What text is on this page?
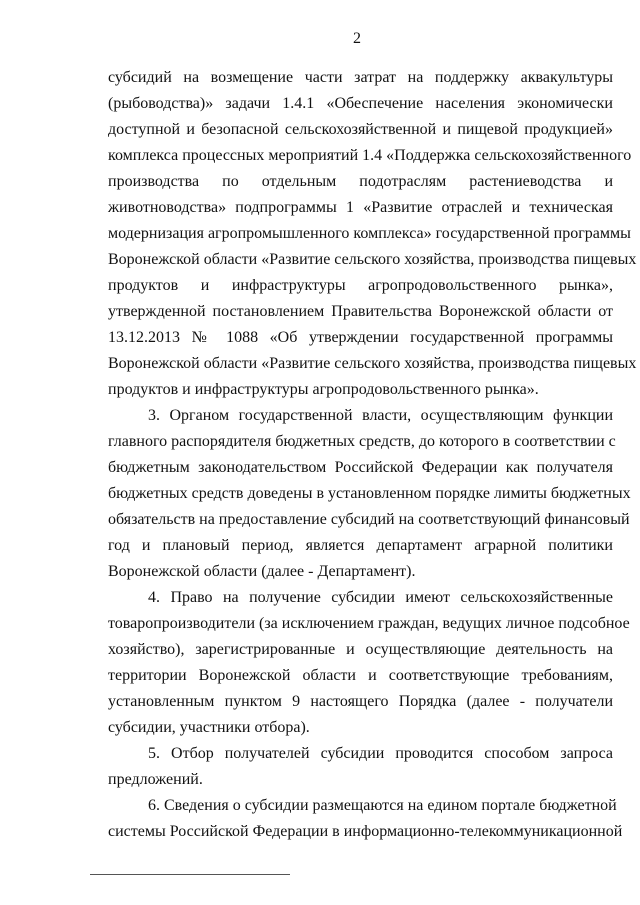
2
субсидий на возмещение части затрат на поддержку аквакультуры
(рыбоводства)» задачи 1.4.1 «Обеспечение населения экономически
доступной и безопасной сельскохозяйственной и пищевой продукцией»
комплекса процессных мероприятий 1.4 «Поддержка сельскохозяйственного
производства по отдельным подотраслям растениеводства и
животноводства» подпрограммы 1 «Развитие отраслей и техническая
модернизация агропромышленного комплекса» государственной программы
Воронежской области «Развитие сельского хозяйства, производства пищевых
продуктов и инфраструктуры агропродовольственного рынка»,
утвержденной постановлением Правительства Воронежской области от
13.12.2013 № 1088 «Об утверждении государственной программы
Воронежской области «Развитие сельского хозяйства, производства пищевых
продуктов и инфраструктуры агропродовольственного рынка».
3. Органом государственной власти, осуществляющим функции
главного распорядителя бюджетных средств, до которого в соответствии с
бюджетным законодательством Российской Федерации как получателя
бюджетных средств доведены в установленном порядке лимиты бюджетных
обязательств на предоставление субсидий на соответствующий финансовый
год и плановый период, является департамент аграрной политики
Воронежской области (далее - Департамент).
4. Право на получение субсидии имеют сельскохозяйственные
товаропроизводители (за исключением граждан, ведущих личное подсобное
хозяйство), зарегистрированные и осуществляющие деятельность на
территории Воронежской области и соответствующие требованиям,
установленным пунктом 9 настоящего Порядка (далее - получатели
субсидии, участники отбора).
5. Отбор получателей субсидии проводится способом запроса
предложений.
6. Сведения о субсидии размещаются на едином портале бюджетной
системы Российской Федерации в информационно-телекоммуникационной
